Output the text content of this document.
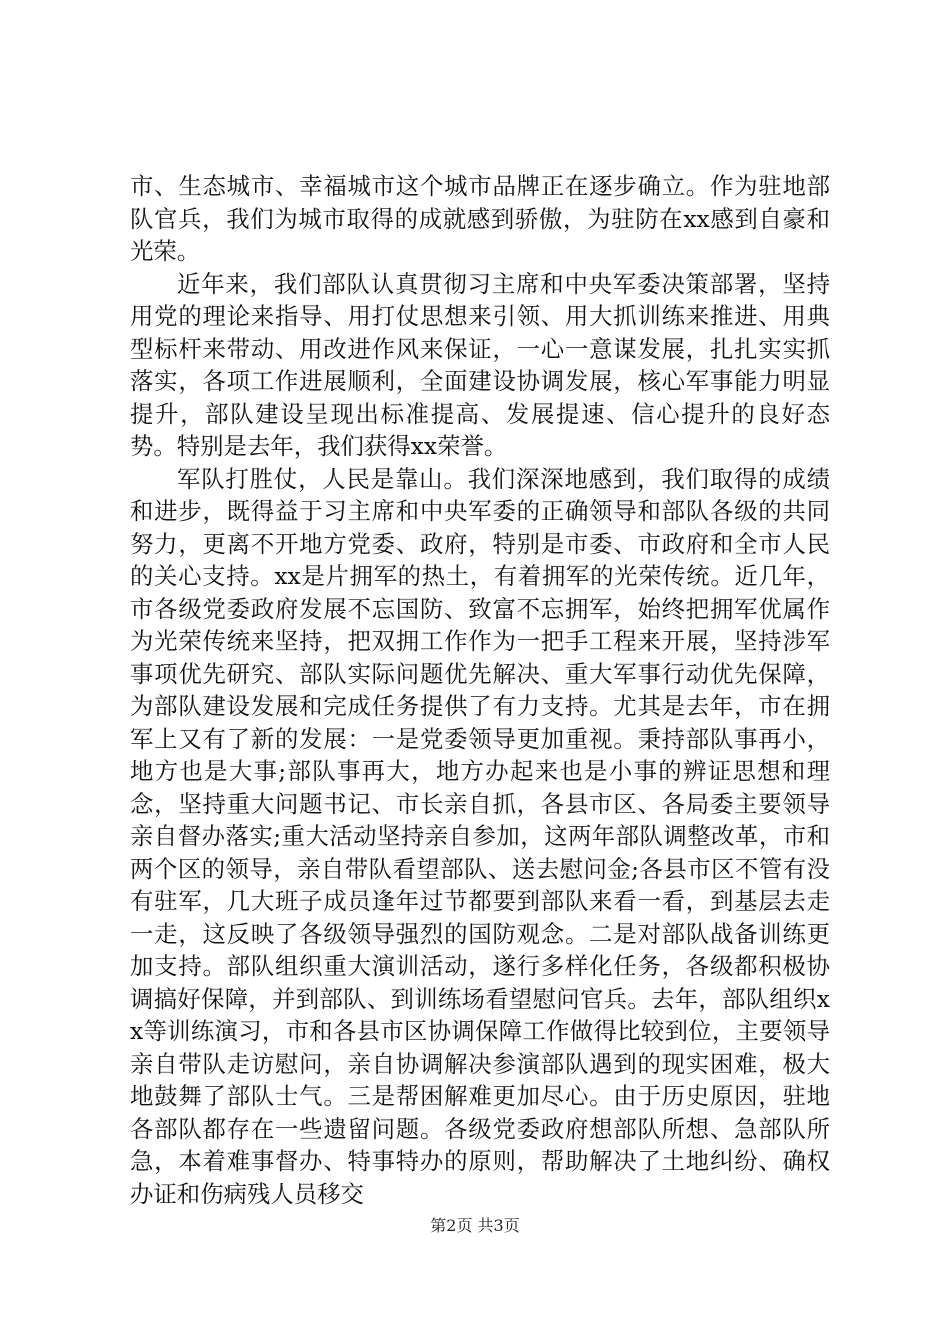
市、生态城市、幸福城市这个城市品牌正在逐步确立。作为驻地部队官兵，我们为城市取得的成就感到骄傲，为驻防在xx感到自豪和光荣。

近年来，我们部队认真贯彻习主席和中央军委决策部署，坚持用党的理论来指导、用打仗思想来引领、用大抓训练来推进、用典型标杆来带动、用改进作风来保证，一心一意谋发展，扎扎实实抓落实，各项工作进展顺利，全面建设协调发展，核心军事能力明显提升，部队建设呈现出标准提高、发展提速、信心提升的良好态势。特别是去年，我们获得xx荣誉。

军队打胜仗，人民是靠山。我们深深地感到，我们取得的成绩和进步，既得益于习主席和中央军委的正确领导和部队各级的共同努力，更离不开地方党委、政府，特别是市委、市政府和全市人民的关心支持。xx是片拥军的热土，有着拥军的光荣传统。近几年，市各级党委政府发展不忘国防、致富不忘拥军，始终把拥军优属作为光荣传统来坚持，把双拥工作作为一把手工程来开展，坚持涉军事项优先研究、部队实际问题优先解决、重大军事行动优先保障，为部队建设发展和完成任务提供了有力支持。尤其是去年，市在拥军上又有了新的发展：一是党委领导更加重视。秉持部队事再小，地方也是大事;部队事再大，地方办起来也是小事的辨证思想和理念，坚持重大问题书记、市长亲自抓，各县市区、各局委主要领导亲自督办落实;重大活动坚持亲自参加，这两年部队调整改革，市和两个区的领导，亲自带队看望部队、送去慰问金;各县市区不管有没有驻军，几大班子成员逢年过节都要到部队来看一看，到基层去走一走，这反映了各级领导强烈的国防观念。二是对部队战备训练更加支持。部队组织重大演训活动，遂行多样化任务，各级都积极协调搞好保障，并到部队、到训练场看望慰问官兵。去年，部队组织xx等训练演习，市和各县市区协调保障工作做得比较到位，主要领导亲自带队走访慰问，亲自协调解决参演部队遇到的现实困难，极大地鼓舞了部队士气。三是帮困解难更加尽心。由于历史原因，驻地各部队都存在一些遗留问题。各级党委政府想部队所想、急部队所急，本着难事督办、特事特办的原则，帮助解决了土地纠纷、确权办证和伤病残人员移交

第2页 共3页
